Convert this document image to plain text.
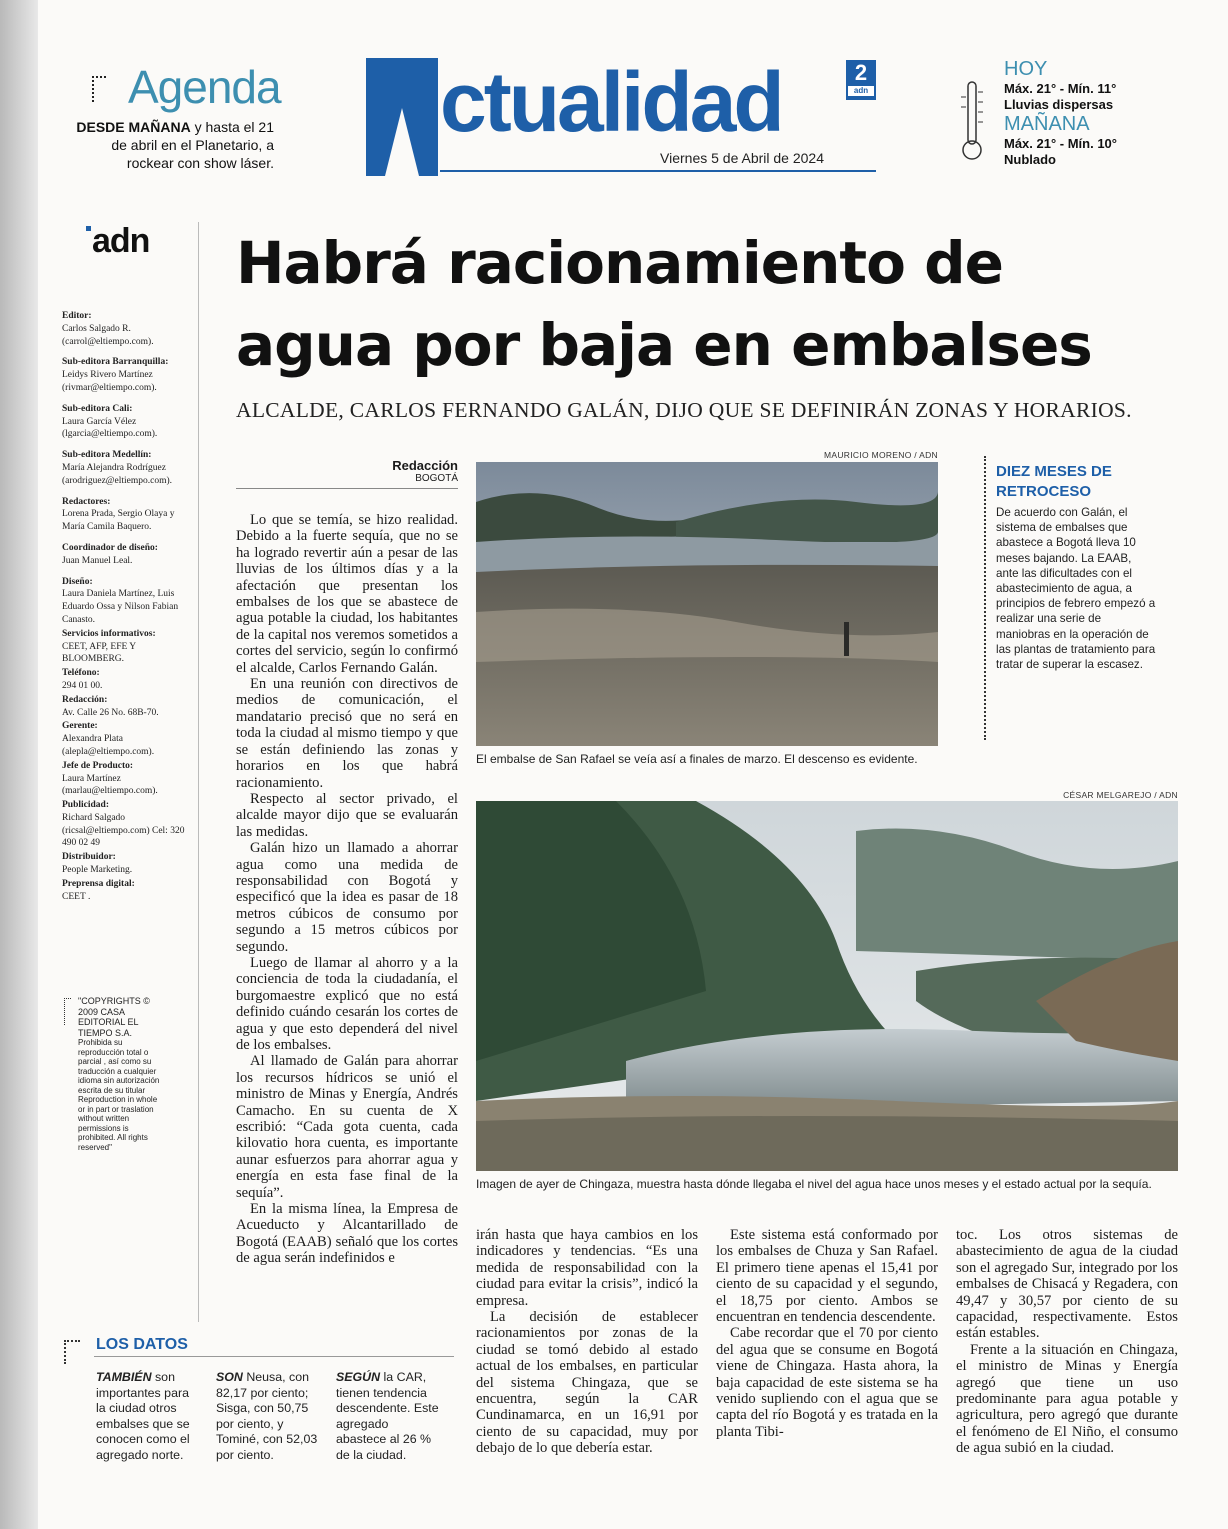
Agenda
DESDE MAÑANA y hasta el 21 de abril en el Planetario, a rockear con show láser.
ctualidad
Viernes 5 de Abril de 2024
2
adn
HOY
Máx. 21° - Mín. 11°
Lluvias dispersas
MAÑANA
Máx. 21° - Mín. 10°
Nublado
adn
Editor:
Carlos Salgado R. (carrol@eltiempo.com).
Sub-editora Barranquilla:
Leidys Rivero Martínez (rivmar@eltiempo.com).
Sub-editora Cali:
Laura García Vélez (lgarcia@eltiempo.com).
Sub-editora Medellín:
María Alejandra Rodríguez (arodriguez@eltiempo.com).
Redactores:
Lorena Prada, Sergio Olaya y María Camila Baquero.
Coordinador de diseño:
Juan Manuel Leal.
Diseño:
Laura Daniela Martínez, Luis Eduardo Ossa y Nilson Fabian Canasto.
Servicios informativos:
CEET, AFP, EFE Y BLOOMBERG.
Teléfono:
294 01 00.
Redacción:
Av. Calle 26 No. 68B-70.
Gerente:
Alexandra Plata (alepla@eltiempo.com).
Jefe de Producto:
Laura Martínez (marlau@eltiempo.com).
Publicidad:
Richard Salgado (ricsal@eltiempo.com) Cel: 320 490 02 49
Distribuidor:
People Marketing.
Preprensa digital:
CEET .
"COPYRIGHTS © 2009 CASA EDITORIAL EL TIEMPO S.A.
Prohibida su reproducción total o parcial , así como su traducción a cualquier idioma sin autorización escrita de su titular Reproduction in whole or in part or traslation without written permissions is prohibited. All rights reserved"
Habrá racionamiento de
agua por baja en embalses
ALCALDE, CARLOS FERNANDO GALÁN, DIJO QUE SE DEFINIRÁN ZONAS Y HORARIOS.
Redacción
BOGOTÁ

Lo que se temía, se hizo realidad. Debido a la fuerte sequía, que no se ha logrado revertir aún a pesar de las lluvias de los últimos días y a la afectación que presentan los embalses de los que se abastece de agua potable la ciudad, los habitantes de la capital nos veremos sometidos a cortes del servicio, según lo confirmó el alcalde, Carlos Fernando Galán.

En una reunión con directivos de medios de comunicación, el mandatario precisó que no será en toda la ciudad al mismo tiempo y que se están definiendo las zonas y horarios en los que habrá racionamiento.

Respecto al sector privado, el alcalde mayor dijo que se evaluarán las medidas.

Galán hizo un llamado a ahorrar agua como una medida de responsabilidad con Bogotá y especificó que la idea es pasar de 18 metros cúbicos de consumo por segundo a 15 metros cúbicos por segundo.

Luego de llamar al ahorro y a la conciencia de toda la ciudadanía, el burgomaestre explicó que no está definido cuándo cesarán los cortes de agua y que esto dependerá del nivel de los embalses.

Al llamado de Galán para ahorrar los recursos hídricos se unió el ministro de Minas y Energía, Andrés Camacho. En su cuenta de X escribió: “Cada gota cuenta, cada kilovatio hora cuenta, es importante aunar esfuerzos para ahorrar agua y energía en esta fase final de la sequía”.

En la misma línea, la Empresa de Acueducto y Alcantarillado de Bogotá (EAAB) señaló que los cortes de agua serán indefinidos e

MAURICIO MORENO / ADN
El embalse de San Rafael se veía así a finales de marzo. El descenso es evidente.
DIEZ MESES DE RETROCESO
De acuerdo con Galán, el sistema de embalses que abastece a Bogotá lleva 10 meses bajando. La EAAB, ante las dificultades con el abastecimiento de agua, a principios de febrero empezó a realizar una serie de maniobras en la operación de las plantas de tratamiento para tratar de superar la escasez.
CÉSAR MELGAREJO / ADN
Imagen de ayer de Chingaza, muestra hasta dónde llegaba el nivel del agua hace unos meses y el estado actual por la sequía.

irán hasta que haya cambios en los indicadores y tendencias. “Es una medida de responsabilidad con la ciudad para evitar la crisis”, indicó la empresa.

La decisión de establecer racionamientos por zonas de la ciudad se tomó debido al estado actual de los embalses, en particular del sistema Chingaza, que se encuentra, según la CAR Cundinamarca, en un 16,91 por ciento de su capacidad, muy por debajo de lo que debería estar.

Este sistema está conformado por los embalses de Chuza y San Rafael. El primero tiene apenas el 15,41 por ciento de su capacidad y el segundo, el 18,75 por ciento. Ambos se encuentran en tendencia descendente.

Cabe recordar que el 70 por ciento del agua que se consume en Bogotá viene de Chingaza. Hasta ahora, la baja capacidad de este sistema se ha venido supliendo con el agua que se capta del río Bogotá y es tratada en la planta Tibi-

toc. Los otros sistemas de abastecimiento de agua de la ciudad son el agregado Sur, integrado por los embalses de Chisacá y Regadera, con 49,47 y 30,57 por ciento de su capacidad, respectivamente. Estos están estables.

Frente a la situación en Chingaza, el ministro de Minas y Energía agregó que tiene un uso predominante para agua potable y agricultura, pero agregó que durante el fenómeno de El Niño, el consumo de agua subió en la ciudad.

LOS DATOS
TAMBIÉN son importantes para la ciudad otros embalses que se conocen como el agregado norte.
SON Neusa, con 82,17 por ciento; Sisga, con 50,75 por ciento, y Tominé, con 52,03 por ciento.
SEGÚN la CAR, tienen tendencia descendente. Este agregado abastece al 26 % de la ciudad.
